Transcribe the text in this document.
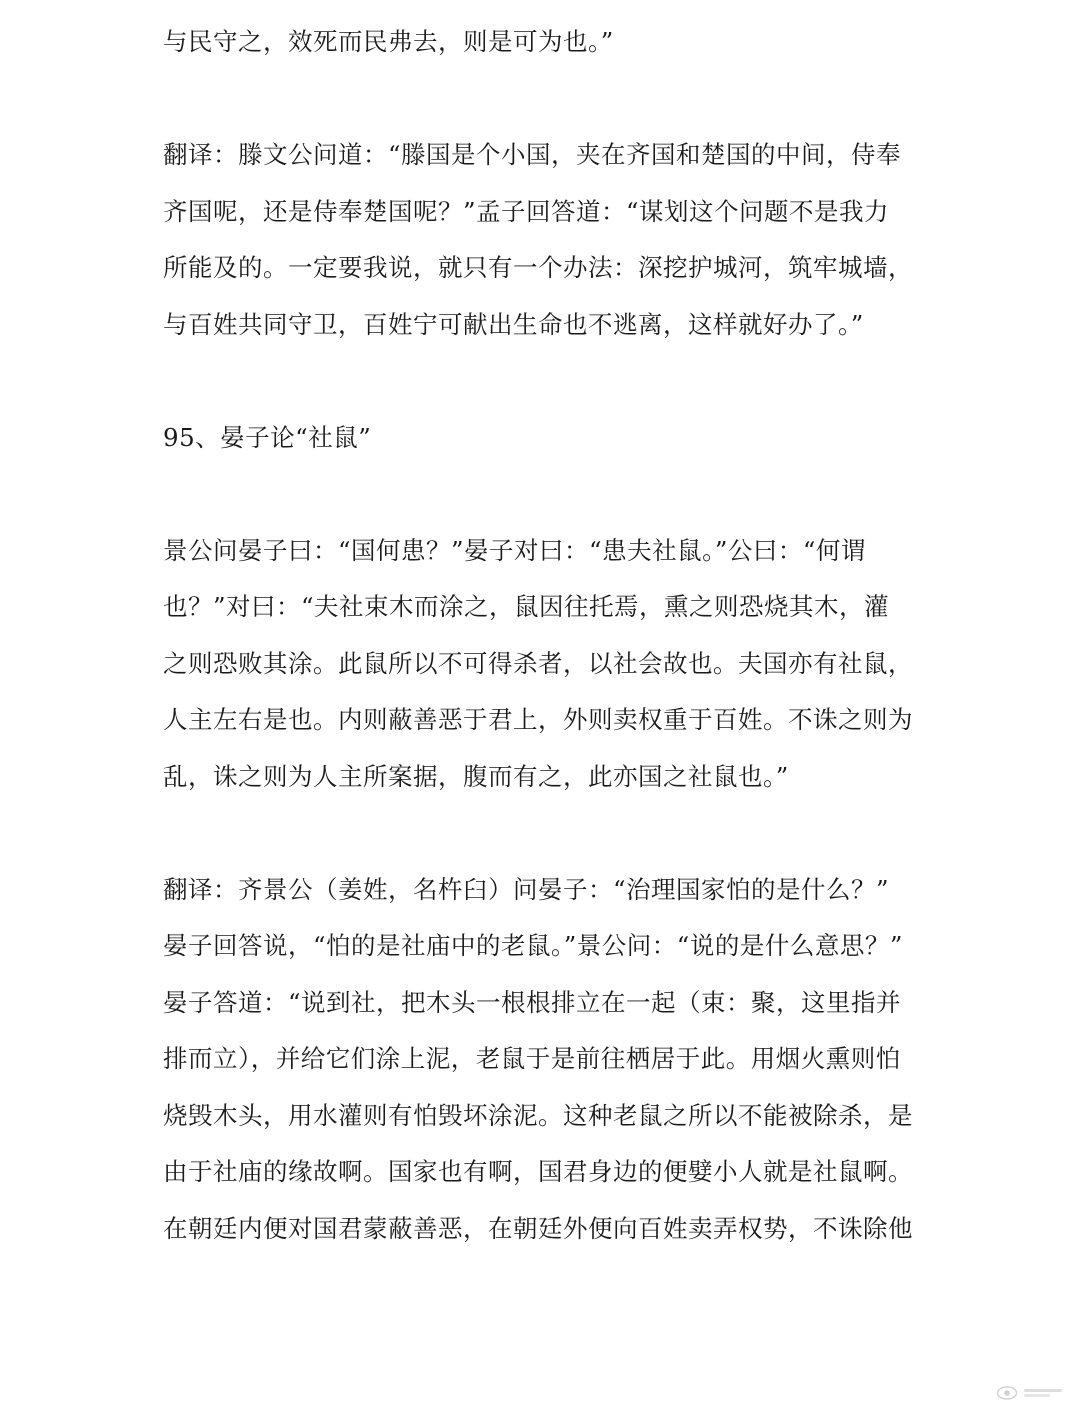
与民守之，效死而民弗去，则是可为也。”
翻译：滕文公问道：“滕国是个小国，夹在齐国和楚国的中间，侍奉
齐国呢，还是侍奉楚国呢？”孟子回答道：“谋划这个问题不是我力
所能及的。一定要我说，就只有一个办法：深挖护城河，筑牢城墙，
与百姓共同守卫，百姓宁可献出生命也不逃离，这样就好办了。”
95、晏子论“社鼠”
景公问晏子曰：“国何患？”晏子对曰：“患夫社鼠。”公曰：“何谓
也？”对曰：“夫社束木而涂之，鼠因往托焉，熏之则恐烧其木，灌
之则恐败其涂。此鼠所以不可得杀者，以社会故也。夫国亦有社鼠，
人主左右是也。内则蔽善恶于君上，外则卖权重于百姓。不诛之则为
乱，诛之则为人主所案据，腹而有之，此亦国之社鼠也。”
翻译：齐景公（姜姓，名杵臼）问晏子：“治理国家怕的是什么？”
晏子回答说，“怕的是社庙中的老鼠。”景公问：“说的是什么意思？”
晏子答道：“说到社，把木头一根根排立在一起（束：聚，这里指并
排而立），并给它们涂上泥，老鼠于是前往栖居于此。用烟火熏则怕
烧毁木头，用水灌则有怕毁坏涂泥。这种老鼠之所以不能被除杀，是
由于社庙的缘故啊。国家也有啊，国君身边的便嬖小人就是社鼠啊。
在朝廷内便对国君蒙蔽善恶，在朝廷外便向百姓卖弄权势，不诛除他
